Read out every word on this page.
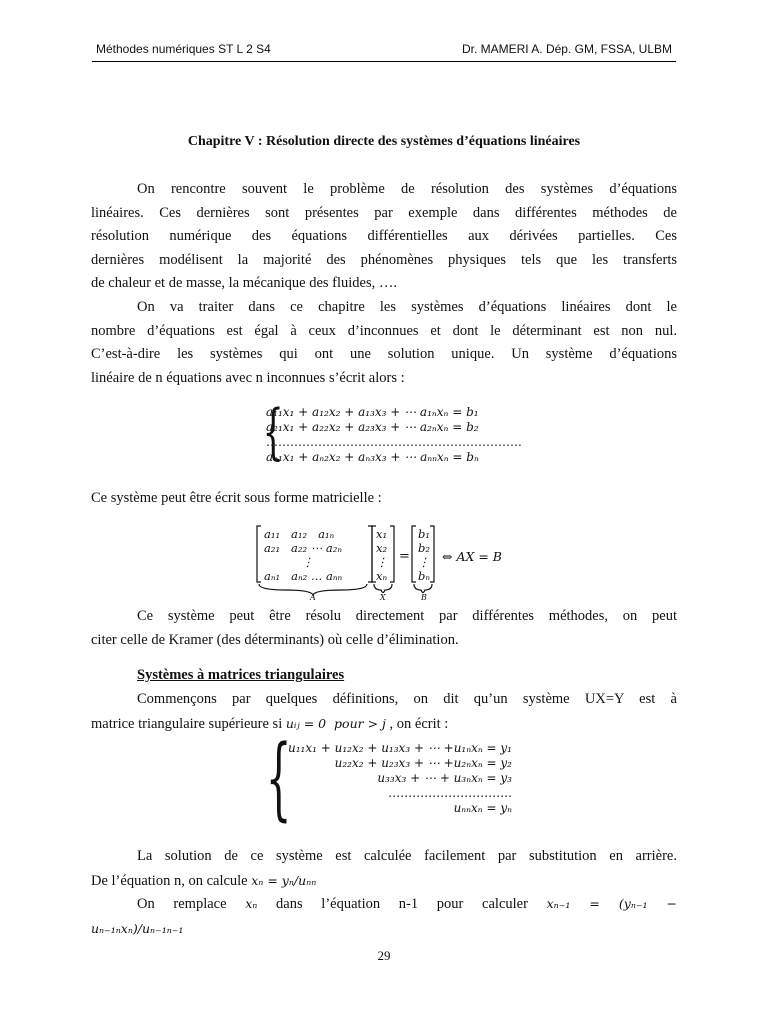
Méthodes numériques ST L 2 S4	Dr. MAMERI A. Dép. GM, FSSA, ULBM
Chapitre V : Résolution directe des systèmes d’équations linéaires
On rencontre souvent le problème de résolution des systèmes d’équations
linéaires. Ces dernières sont présentes par exemple dans différentes méthodes de
résolution numérique des équations différentielles aux dérivées partielles. Ces
dernières modélisent la majorité des phénomènes physiques tels que les transferts
de chaleur et de masse, la mécanique des fluides, ….
On va traiter dans ce chapitre les systèmes d’équations linéaires dont le
nombre d’équations est égal à ceux d’inconnues et dont le déterminant est non nul.
C’est-à-dire les systèmes qui ont une solution unique. Un système d’équations
linéaire de n équations avec n inconnues s’écrit alors :
{
a₁₁x₁ + a₁₂x₂ + a₁₃x₃ + ⋯ a₁ₙxₙ = b₁
a₂₁x₁ + a₂₂x₂ + a₂₃x₃ + ⋯ a₂ₙxₙ = b₂
……………………………………………………….
aₙ₁x₁ + aₙ₂x₂ + aₙ₃x₃ + ⋯ aₙₙxₙ = bₙ
Ce système peut être écrit sous forme matricielle :
a₁₁   a₁₂   a₁ₙ
a₂₁   a₂₂ ⋯ a₂ₙ
⋮
aₙ₁   aₙ₂ … aₙₙ
x₁
x₂
⋮
xₙ
=
b₁
b₂
⋮
bₙ
⇔ AX = B
A	X	B
Ce système peut être résolu directement par différentes méthodes, on peut
citer celle de Kramer (des déterminants) où celle d’élimination.
Systèmes à matrices triangulaires
Commençons par quelques définitions, on dit qu’un système UX=Y est à
matrice triangulaire supérieure si uᵢⱼ = 0  pour > j , on écrit :
{
u₁₁x₁ + u₁₂x₂ + u₁₃x₃ + ⋯ +u₁ₙxₙ = y₁
u₂₂x₂ + u₂₃x₃ + ⋯ +u₂ₙxₙ = y₂
u₃₃x₃ + ⋯ + u₃ₙxₙ = y₃
………………………….
uₙₙxₙ = yₙ
La solution de ce système est calculée facilement par substitution en arrière.
De l’équation n, on calcule xₙ = yₙ/uₙₙ
On remplace xₙ dans l’équation n-1 pour calculer xₙ₋₁ = (yₙ₋₁ −
uₙ₋₁ₙxₙ)/uₙ₋₁ₙ₋₁
29
